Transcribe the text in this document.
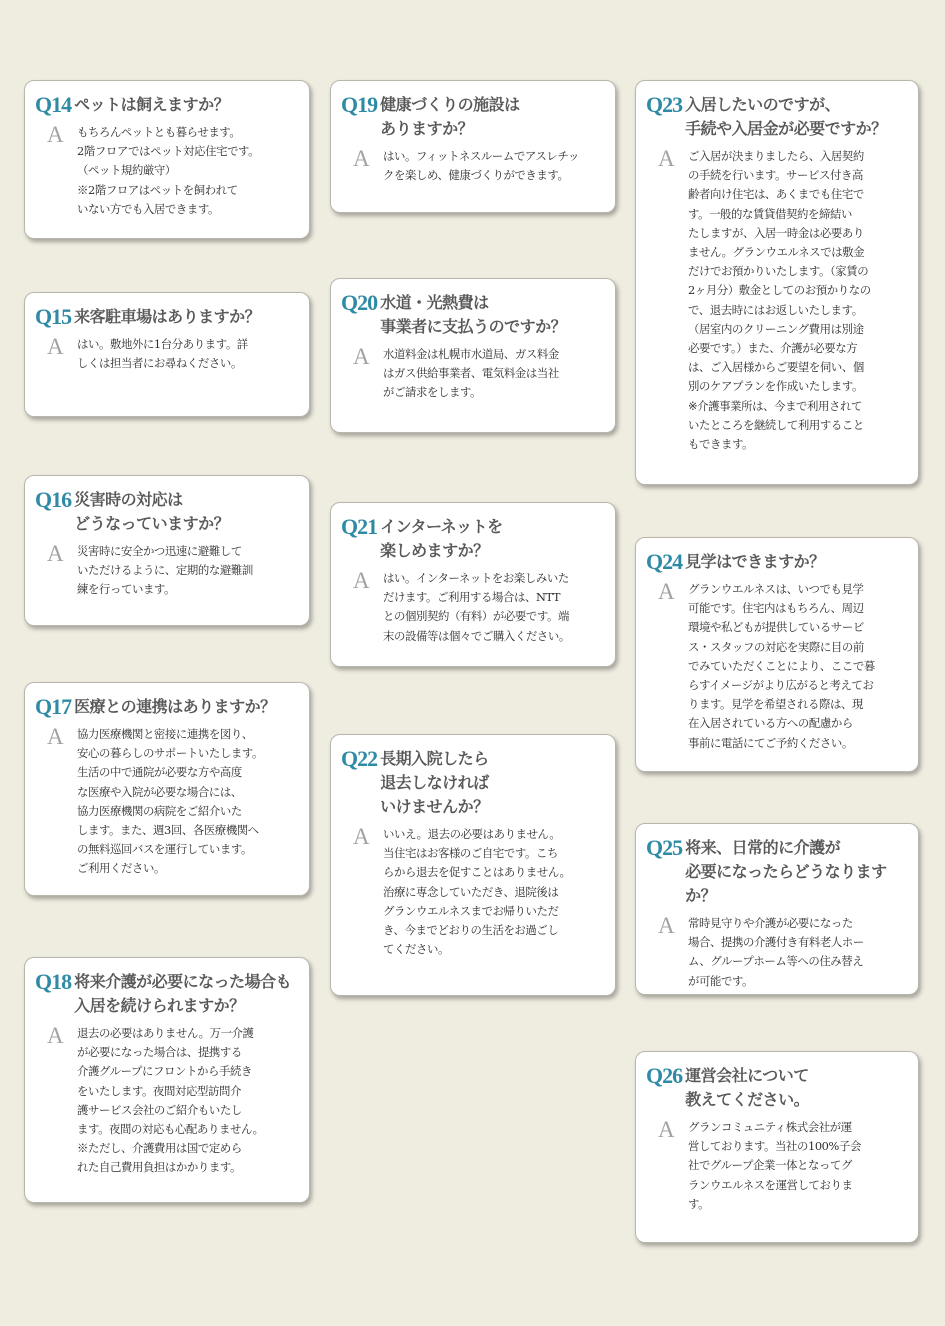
Q14 ペットは飼えますか？
A	もちろんペットとも暮らせます。
2階フロアではペット対応住宅です。
（ペット規約厳守）
※2階フロアはペットを飼われて
いない方でも入居できます。
Q15 来客駐車場はありますか？
A	はい。敷地外に1台分あります。詳
しくは担当者にお尋ねください。
Q16 災害時の対応は
どうなっていますか？
A	災害時に安全かつ迅速に避難して
いただけるように、定期的な避難訓
練を行っています。
Q17 医療との連携はありますか？
A	協力医療機関と密接に連携を図り、
安心の暮らしのサポートいたします。
生活の中で通院が必要な方や高度
な医療や入院が必要な場合には、
協力医療機関の病院をご紹介いた
します。また、週3回、各医療機関へ
の無料巡回バスを運行しています。
ご利用ください。
Q18 将来介護が必要になった場合も
入居を続けられますか？
A	退去の必要はありません。万一介護
が必要になった場合は、提携する
介護グループにフロントから手続き
をいたします。夜間対応型訪問介
護サービス会社のご紹介もいたし
ます。夜間の対応も心配ありません。
※ただし、介護費用は国で定めら
れた自己費用負担はかかります。
Q19 健康づくりの施設は
ありますか？
A	はい。フィットネスルームでアスレチッ
クを楽しめ、健康づくりができます。
Q20 水道・光熱費は
事業者に支払うのですか？
A	水道料金は札幌市水道局、ガス料金
はガス供給事業者、電気料金は当社
がご請求をします。
Q21 インターネットを
楽しめますか？
A	はい。インターネットをお楽しみいた
だけます。ご利用する場合は、NTT
との個別契約（有料）が必要です。端
末の設備等は個々でご購入ください。
Q22 長期入院したら
退去しなければ
いけませんか？
A	いいえ。退去の必要はありません。
当住宅はお客様のご自宅です。こち
らから退去を促すことはありません。
治療に専念していただき、退院後は
グランウエルネスまでお帰りいただ
き、今までどおりの生活をお過ごし
てください。
Q23 入居したいのですが、
手続や入居金が必要ですか？
A	ご入居が決まりましたら、入居契約
の手続を行います。サービス付き高
齢者向け住宅は、あくまでも住宅で
す。一般的な賃貸借契約を締結い
たしますが、入居一時金は必要あり
ません。グランウエルネスでは敷金
だけでお預かりいたします。（家賃の
2ヶ月分）敷金としてのお預かりなの
で、退去時にはお返しいたします。
（居室内のクリーニング費用は別途
必要です。）また、介護が必要な方
は、ご入居様からご要望を伺い、個
別のケアプランを作成いたします。
※介護事業所は、今まで利用されて
いたところを継続して利用すること
もできます。
Q24 見学はできますか？
A	グランウエルネスは、いつでも見学
可能です。住宅内はもちろん、周辺
環境や私どもが提供しているサービ
ス・スタッフの対応を実際に目の前
でみていただくことにより、ここで暮
らすイメージがより広がると考えてお
ります。見学を希望される際は、現
在入居されている方への配慮から
事前に電話にてご予約ください。
Q25 将来、日常的に介護が
必要になったらどうなりますか？
A	常時見守りや介護が必要になった
場合、提携の介護付き有料老人ホー
ム、グループホーム等への住み替え
が可能です。
Q26 運営会社について
教えてください。
A	グランコミュニティ株式会社が運
営しております。当社の100%子会
社でグループ企業一体となってグ
ランウエルネスを運営しておりま
す。
